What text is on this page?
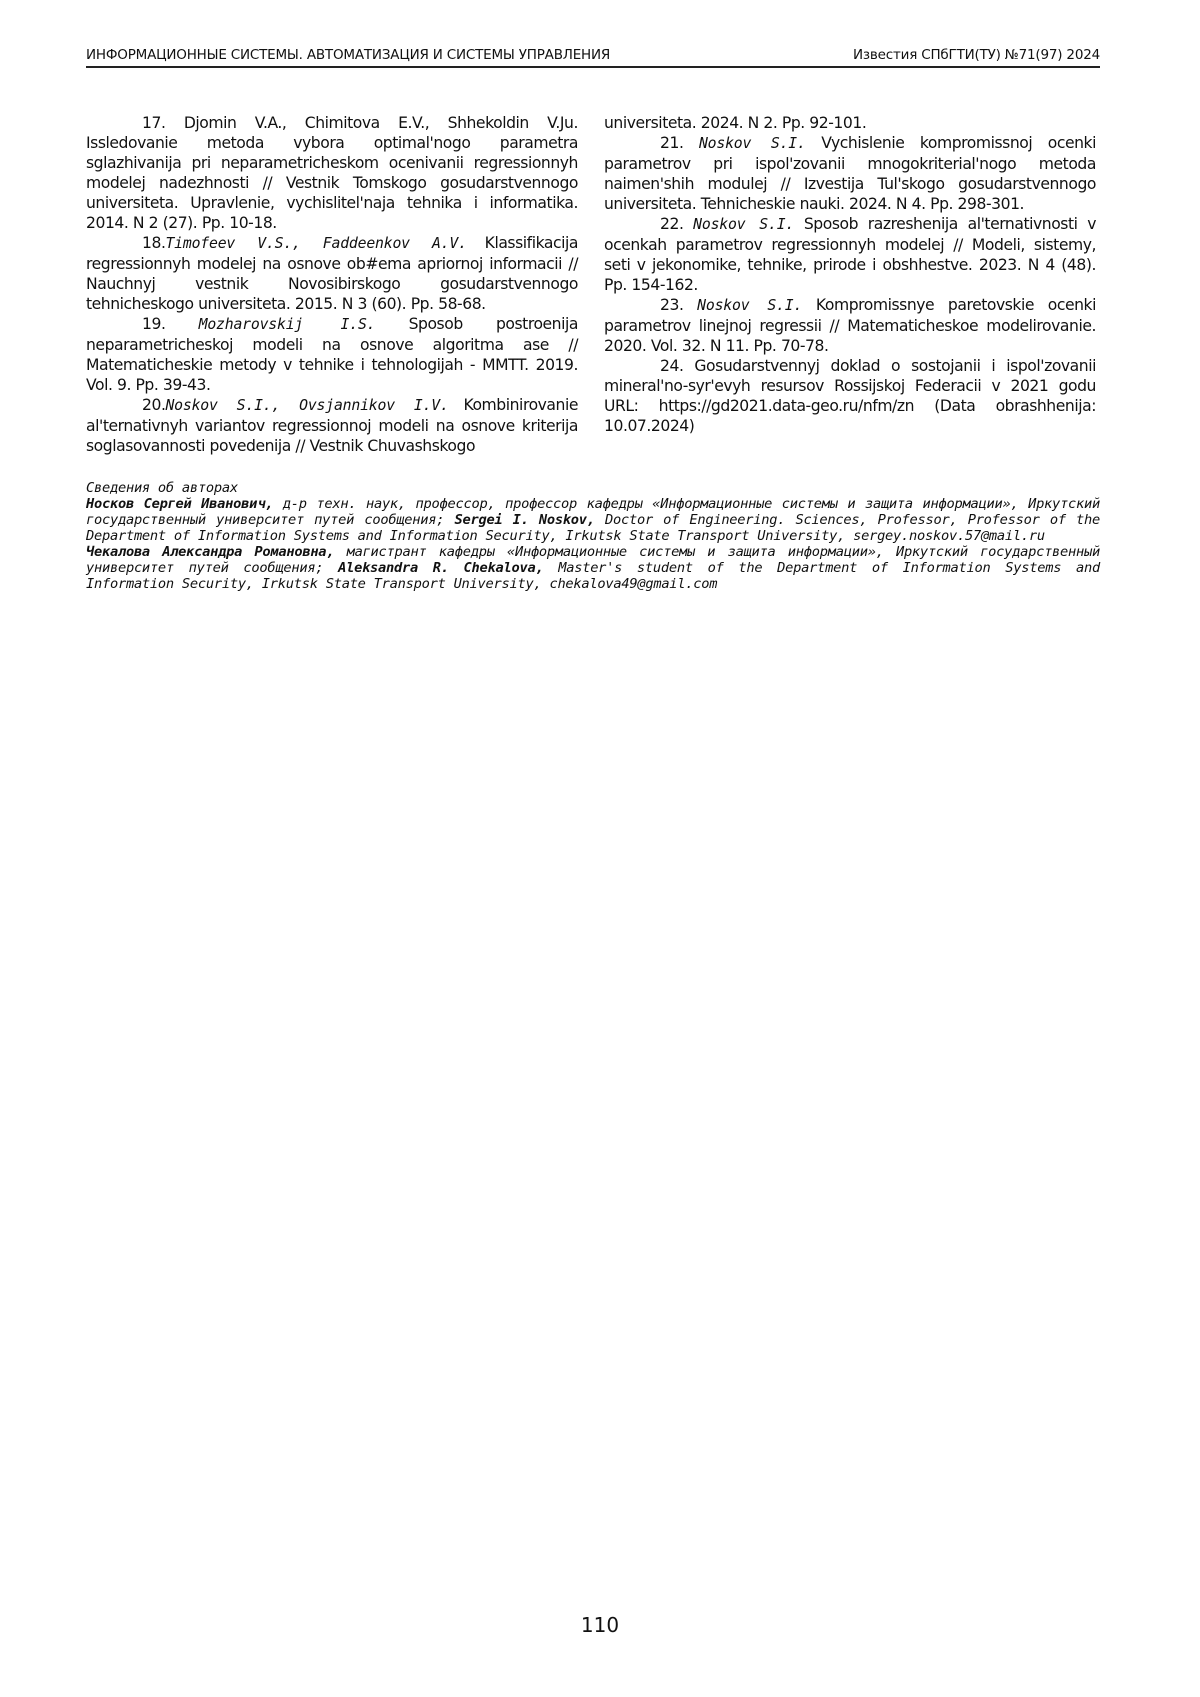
ИНФОРМАЦИОННЫЕ СИСТЕМЫ. АВТОМАТИЗАЦИЯ И СИСТЕМЫ УПРАВЛЕНИЯ	Известия СПбГТИ(ТУ) №71(97) 2024

17. Djomin V.A., Chimitova E.V., Shhekoldin V.Ju. Issledovanie metoda vybora optimal'nogo parametra sglazhivanija pri neparametricheskom ocenivanii regressionnyh modelej nadezhnosti // Vestnik Tomskogo gosudarstvennogo universiteta. Upravlenie, vychislitel'naja tehnika i informatika. 2014. N 2 (27). Pp. 10-18.

18.Timofeev V.S., Faddeenkov A.V. Klassifikacija regressionnyh modelej na osnove ob#ema apriornoj informacii // Nauchnyj vestnik Novosibirskogo gosudarstvennogo tehnicheskogo universiteta. 2015. N 3 (60). Pp. 58-68.

19. Mozharovskij I.S. Sposob postroenija neparametricheskoj modeli na osnove algoritma ase // Matematicheskie metody v tehnike i tehnologijah - MMTT. 2019. Vol. 9. Pp. 39-43.

20.Noskov S.I., Ovsjannikov I.V. Kombinirovanie al'ternativnyh variantov regressionnoj modeli na osnove kriterija soglasovannosti povedenija // Vestnik Chuvashskogo

universiteta. 2024. N 2. Pp. 92-101.

21. Noskov S.I. Vychislenie kompromissnoj ocenki parametrov pri ispol'zovanii mnogokriterial'nogo metoda naimen'shih modulej // Izvestija Tul'skogo gosudarstvennogo universiteta. Tehnicheskie nauki. 2024. N 4. Pp. 298-301.

22. Noskov S.I. Sposob razreshenija al'ternativnosti v ocenkah parametrov regressionnyh modelej // Modeli, sistemy, seti v jekonomike, tehnike, prirode i obshhestve. 2023. N 4 (48). Pp. 154-162.

23. Noskov S.I. Kompromissnye paretovskie ocenki parametrov linejnoj regressii // Matematicheskoe modelirovanie. 2020. Vol. 32. N 11. Pp. 70-78.

24. Gosudarstvennyj doklad o sostojanii i ispol'zovanii mineral'no-syr'evyh resursov Rossijskoj Federacii v 2021 godu URL: https://gd2021.data-geo.ru/nfm/zn (Data obrashhenija: 10.07.2024)

Сведения об авторах

Носков Сергей Иванович, д-р техн. наук, профессор, профессор кафедры «Информационные системы и защита информации», Иркутский государственный университет путей сообщения; Sergei I. Noskov, Doctor of Engineering. Sciences, Professor, Professor of the Department of Information Systems and Information Security, Irkutsk State Transport University, sergey.noskov.57@mail.ru

Чекалова Александра Романовна, магистрант кафедры «Информационные системы и защита информации», Иркутский государственный университет путей сообщения; Aleksandra R. Chekalova, Master's student of the Department of Information Systems and Information Security, Irkutsk State Transport University, chekalova49@gmail.com

110
